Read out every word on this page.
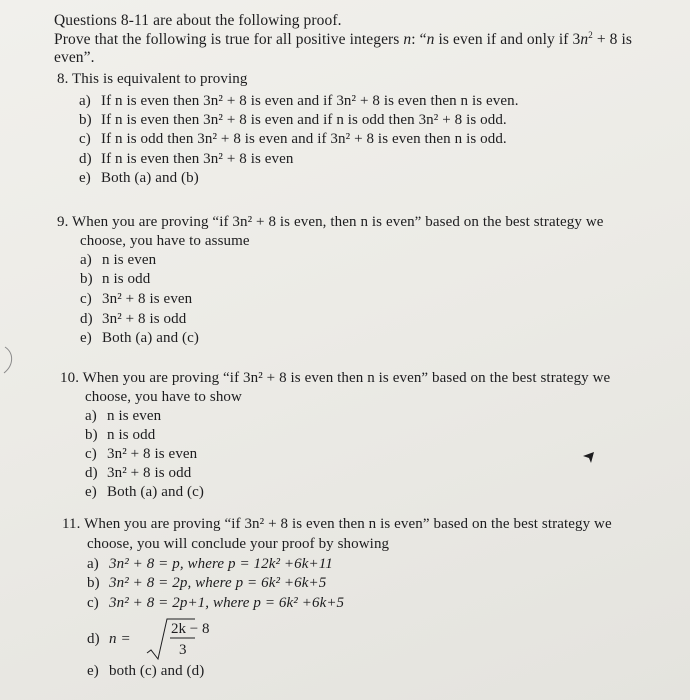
Questions 8-11 are about the following proof.
Prove that the following is true for all positive integers n: “n is even if and only if $3n^2 + 8$ is
even”.
8. This is equivalent to proving
a) If n is even then 3n² + 8 is even and if 3n² + 8 is even then n is even.
b) If n is even then 3n² + 8 is even and if n is odd then 3n² + 8 is odd.
c) If n is odd then 3n² + 8 is even and if 3n² + 8 is even then n is odd.
d) If n is even then 3n² + 8 is even
e) Both (a) and (b)
9. When you are proving “if 3n² + 8 is even, then n is even” based on the best strategy we
choose, you have to assume
a) n is even
b) n is odd
c) 3n² + 8 is even
d) 3n² + 8 is odd
e) Both (a) and (c)
10. When you are proving “if 3n² + 8 is even then n is even” based on the best strategy we
choose, you have to show
a) n is even
b) n is odd
c) 3n² + 8 is even
d) 3n² + 8 is odd
e) Both (a) and (c)
11. When you are proving “if 3n² + 8 is even then n is even” based on the best strategy we
choose, you will conclude your proof by showing
a) 3n² + 8 = p, where p = 12k² +6k+11
b) 3n² + 8 = 2p, where p = 6k² +6k+5
c) 3n² + 8 = 2p+1, where p = 6k² +6k+5
d) n =
2k − 8
3
e) both (c) and (d)
